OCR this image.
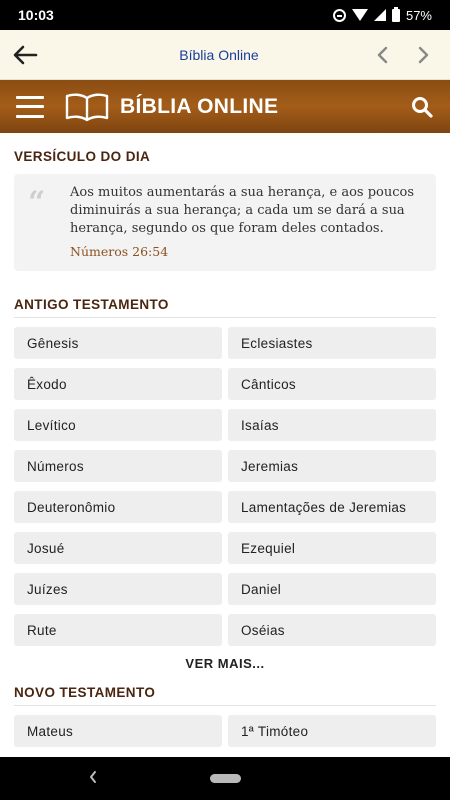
10:03	57%
Bíblia Online
BÍBLIA ONLINE
VERSÍCULO DO DIA
“	Aos muitos aumentarás a sua herança, e aos poucos diminuirás a sua herança; a cada um se dará a sua herança, segundo os que foram deles contados.
Números 26:54
ANTIGO TESTAMENTO
Gênesis	Eclesiastes
Êxodo	Cânticos
Levítico	Isaías
Números	Jeremias
Deuteronômio	Lamentações de Jeremias
Josué	Ezequiel
Juízes	Daniel
Rute	Oséias
VER MAIS...
NOVO TESTAMENTO
Mateus	1ª Timóteo
